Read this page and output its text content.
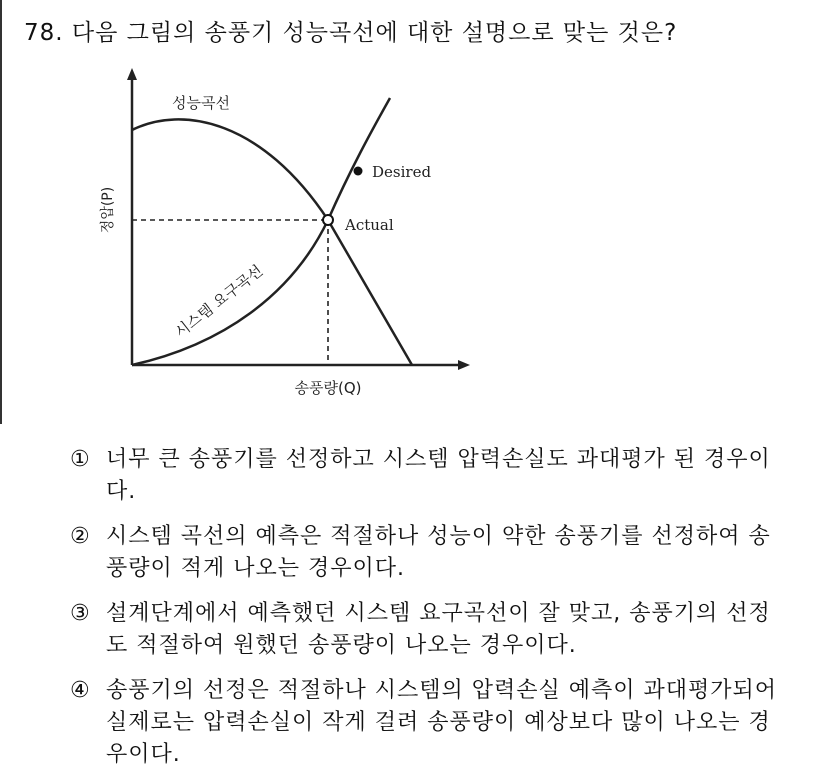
78. 다음 그림의 송풍기 성능곡선에 대한 설명으로 맞는 것은?
성능곡선
시스템 요구곡선
정압(P)
송풍량(Q)
Desired
Actual
① 너무 큰 송풍기를 선정하고 시스템 압력손실도 과대평가 된 경우이다.
② 시스템 곡선의 예측은 적절하나 성능이 약한 송풍기를 선정하여 송풍량이 적게 나오는 경우이다.
③ 설계단계에서 예측했던 시스템 요구곡선이 잘 맞고, 송풍기의 선정도 적절하여 원했던 송풍량이 나오는 경우이다.
④ 송풍기의 선정은 적절하나 시스템의 압력손실 예측이 과대평가되어 실제로는 압력손실이 작게 걸려 송풍량이 예상보다 많이 나오는 경우이다.
